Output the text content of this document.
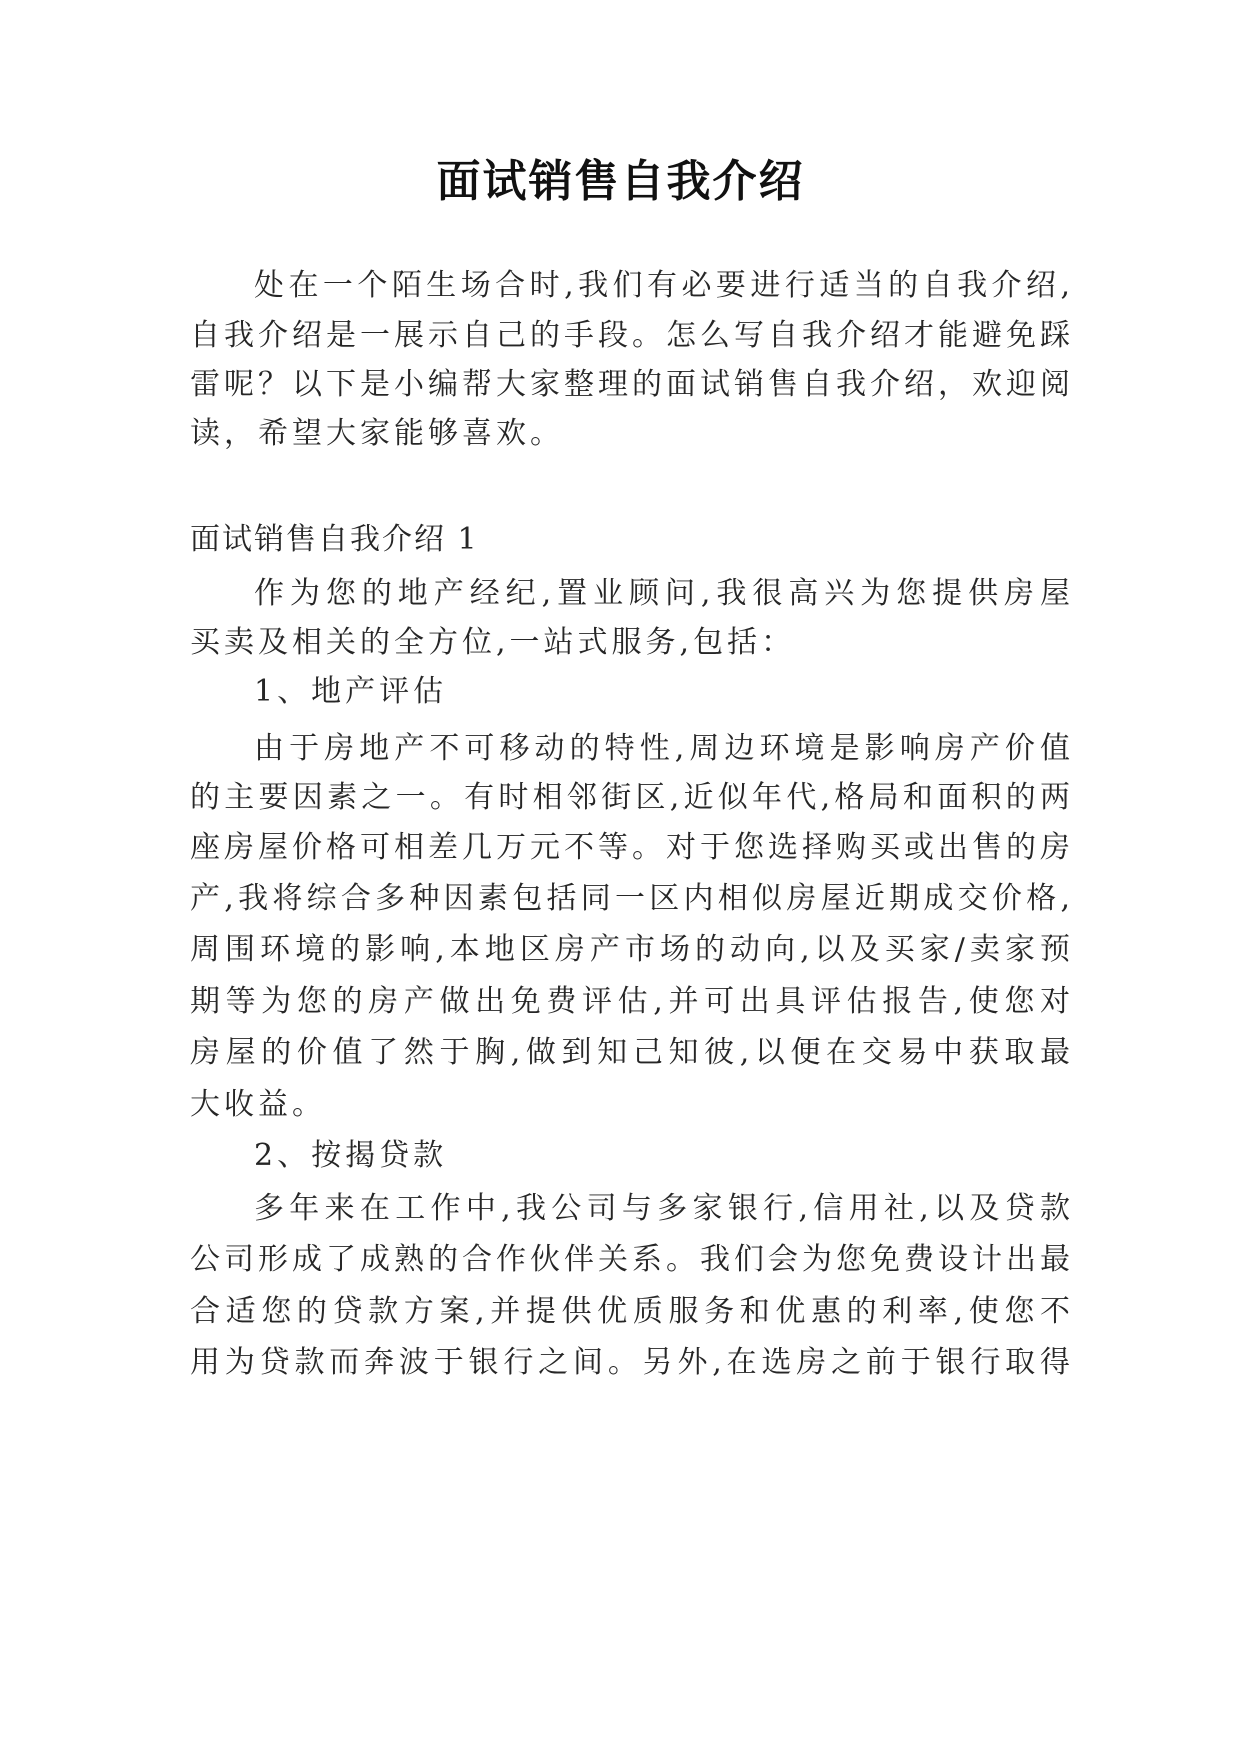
面试销售自我介绍
处在一个陌生场合时,我们有必要进行适当的自我介绍,
自我介绍是一展示自己的手段。怎么写自我介绍才能避免踩
雷呢？以下是小编帮大家整理的面试销售自我介绍，欢迎阅
读，希望大家能够喜欢。
面试销售自我介绍 1
作为您的地产经纪,置业顾问,我很高兴为您提供房屋
买卖及相关的全方位,一站式服务,包括：
1、地产评估
由于房地产不可移动的特性,周边环境是影响房产价值
的主要因素之一。有时相邻街区,近似年代,格局和面积的两
座房屋价格可相差几万元不等。对于您选择购买或出售的房
产,我将综合多种因素包括同一区内相似房屋近期成交价格,
周围环境的影响,本地区房产市场的动向,以及买家/卖家预
期等为您的房产做出免费评估,并可出具评估报告,使您对
房屋的价值了然于胸,做到知己知彼,以便在交易中获取最
大收益。
2、按揭贷款
多年来在工作中,我公司与多家银行,信用社,以及贷款
公司形成了成熟的合作伙伴关系。我们会为您免费设计出最
合适您的贷款方案,并提供优质服务和优惠的利率,使您不
用为贷款而奔波于银行之间。另外,在选房之前于银行取得
